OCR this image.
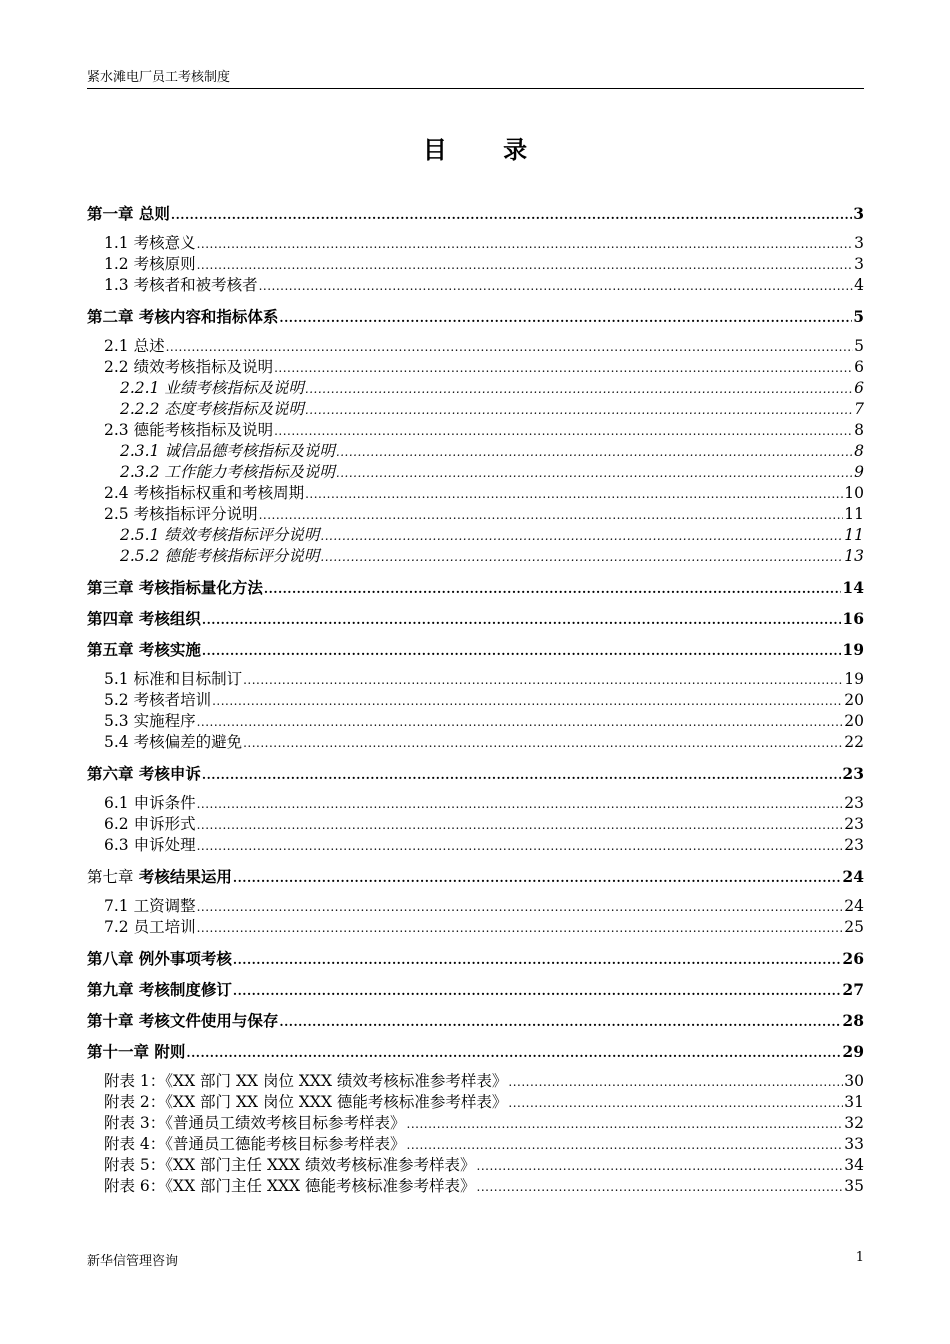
紧水滩电厂员工考核制度
目 录
第一章 总则 .....	3
1.1 考核意义 .....	3
1.2 考核原则 .....	3
1.3 考核者和被考核者 .....	4
第二章 考核内容和指标体系 .....	5
2.1 总述 .....	5
2.2 绩效考核指标及说明 .....	6
2.2.1 业绩考核指标及说明 .....	6
2.2.2 态度考核指标及说明 .....	7
2.3 德能考核指标及说明 .....	8
2.3.1 诚信品德考核指标及说明 .....	8
2.3.2 工作能力考核指标及说明 .....	9
2.4 考核指标权重和考核周期 .....	10
2.5 考核指标评分说明 .....	11
2.5.1 绩效考核指标评分说明 .....	11
2.5.2 德能考核指标评分说明 .....	13
第三章 考核指标量化方法 .....	14
第四章 考核组织 .....	16
第五章 考核实施 .....	19
5.1 标准和目标制订 .....	19
5.2 考核者培训 .....	20
5.3 实施程序 .....	20
5.4 考核偏差的避免 .....	22
第六章 考核申诉 .....	23
6.1 申诉条件 .....	23
6.2 申诉形式 .....	23
6.3 申诉处理 .....	23
第七章 考核结果运用 .....	24
7.1 工资调整 .....	24
7.2 员工培训 .....	25
第八章 例外事项考核 .....	26
第九章 考核制度修订 .....	27
第十章 考核文件使用与保存 .....	28
第十一章 附则 .....	29
附表 1：《XX 部门 XX 岗位 XXX 绩效考核标准参考样表》 .....	30
附表 2：《XX 部门 XX 岗位 XXX 德能考核标准参考样表》 .....	31
附表 3：《普通员工绩效考核目标参考样表》 .....	32
附表 4：《普通员工德能考核目标参考样表》 .....	33
附表 5：《XX 部门主任 XXX 绩效考核标准参考样表》 .....	34
附表 6：《XX 部门主任 XXX 德能考核标准参考样表》 .....	35
新华信管理咨询	1
